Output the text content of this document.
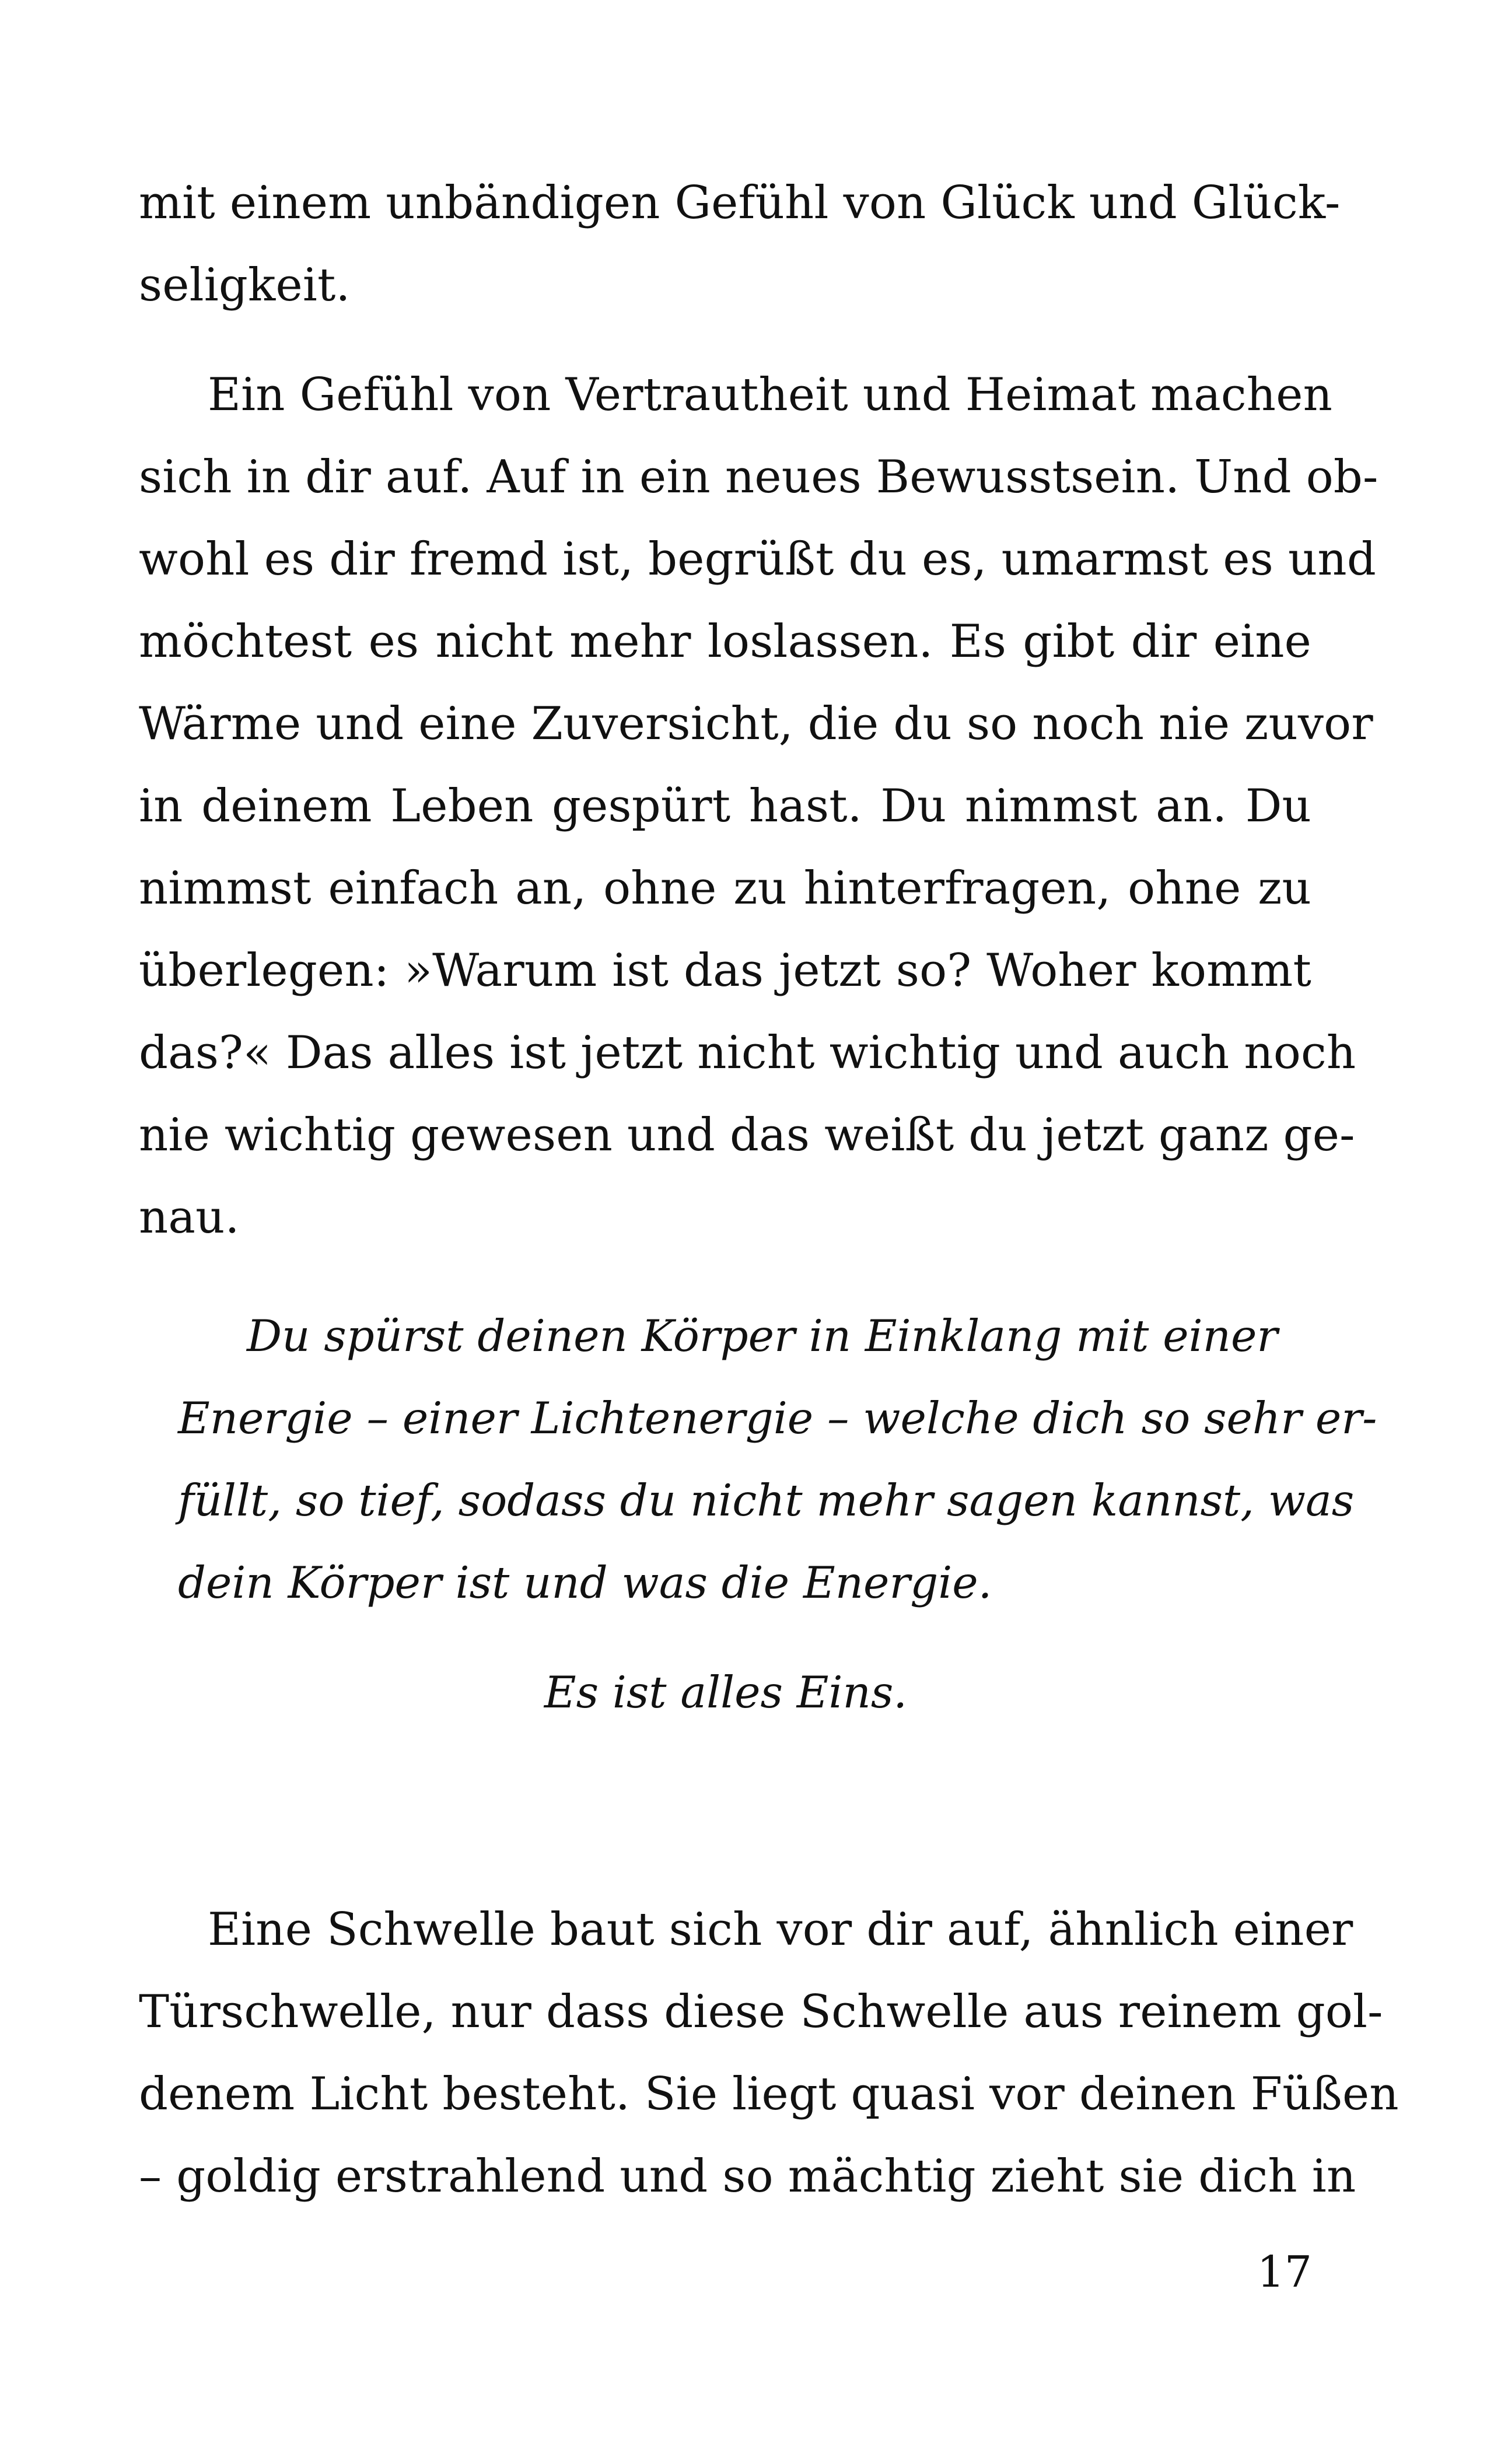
mit einem unbändigen Gefühl von Glück und Glück-
seligkeit.
Ein Gefühl von Vertrautheit und Heimat machen
sich in dir auf. Auf in ein neues Bewusstsein. Und ob-
wohl es dir fremd ist, begrüßt du es, umarmst es und
möchtest es nicht mehr loslassen. Es gibt dir eine
Wärme und eine Zuversicht, die du so noch nie zuvor
in deinem Leben gespürt hast. Du nimmst an. Du
nimmst einfach an, ohne zu hinterfragen, ohne zu
überlegen: »Warum ist das jetzt so? Woher kommt
das?« Das alles ist jetzt nicht wichtig und auch noch
nie wichtig gewesen und das weißt du jetzt ganz ge-
nau.
Du spürst deinen Körper in Einklang mit einer
Energie – einer Lichtenergie – welche dich so sehr er-
füllt, so tief, sodass du nicht mehr sagen kannst, was
dein Körper ist und was die Energie.
Es ist alles Eins.
Eine Schwelle baut sich vor dir auf, ähnlich einer
Türschwelle, nur dass diese Schwelle aus reinem gol-
denem Licht besteht. Sie liegt quasi vor deinen Füßen
– goldig erstrahlend und so mächtig zieht sie dich in
17
